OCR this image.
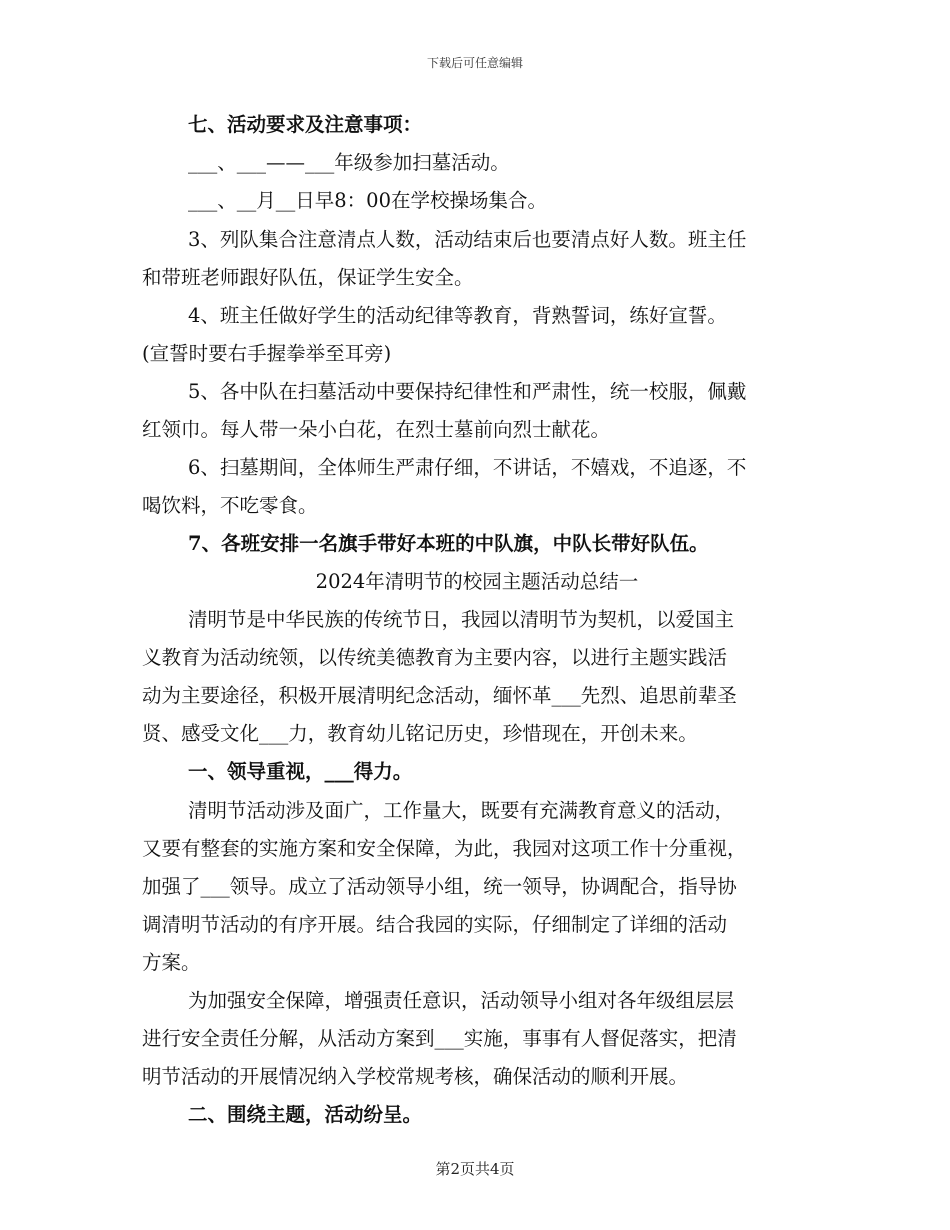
下载后可任意编辑
七、活动要求及注意事项：
___、___——___年级参加扫墓活动。
___、__月__日早8：00在学校操场集合。
3、列队集合注意清点人数，活动结束后也要清点好人数。班主任
和带班老师跟好队伍，保证学生安全。
4、班主任做好学生的活动纪律等教育，背熟誓词，练好宣誓。
(宣誓时要右手握拳举至耳旁)
5、各中队在扫墓活动中要保持纪律性和严肃性，统一校服，佩戴
红领巾。每人带一朵小白花，在烈士墓前向烈士献花。
6、扫墓期间，全体师生严肃仔细，不讲话，不嬉戏，不追逐，不
喝饮料，不吃零食。
7、各班安排一名旗手带好本班的中队旗，中队长带好队伍。
2024年清明节的校园主题活动总结一
清明节是中华民族的传统节日，我园以清明节为契机，以爱国主
义教育为活动统领，以传统美德教育为主要内容，以进行主题实践活
动为主要途径，积极开展清明纪念活动，缅怀革___先烈、追思前辈圣
贤、感受文化___力，教育幼儿铭记历史，珍惜现在，开创未来。
一、领导重视，___得力。
清明节活动涉及面广，工作量大，既要有充满教育意义的活动，
又要有整套的实施方案和安全保障，为此，我园对这项工作十分重视，
加强了___领导。成立了活动领导小组，统一领导，协调配合，指导协
调清明节活动的有序开展。结合我园的实际，仔细制定了详细的活动
方案。
为加强安全保障，增强责任意识，活动领导小组对各年级组层层
进行安全责任分解，从活动方案到___实施，事事有人督促落实，把清
明节活动的开展情况纳入学校常规考核，确保活动的顺利开展。
二、围绕主题，活动纷呈。
第2页共4页
